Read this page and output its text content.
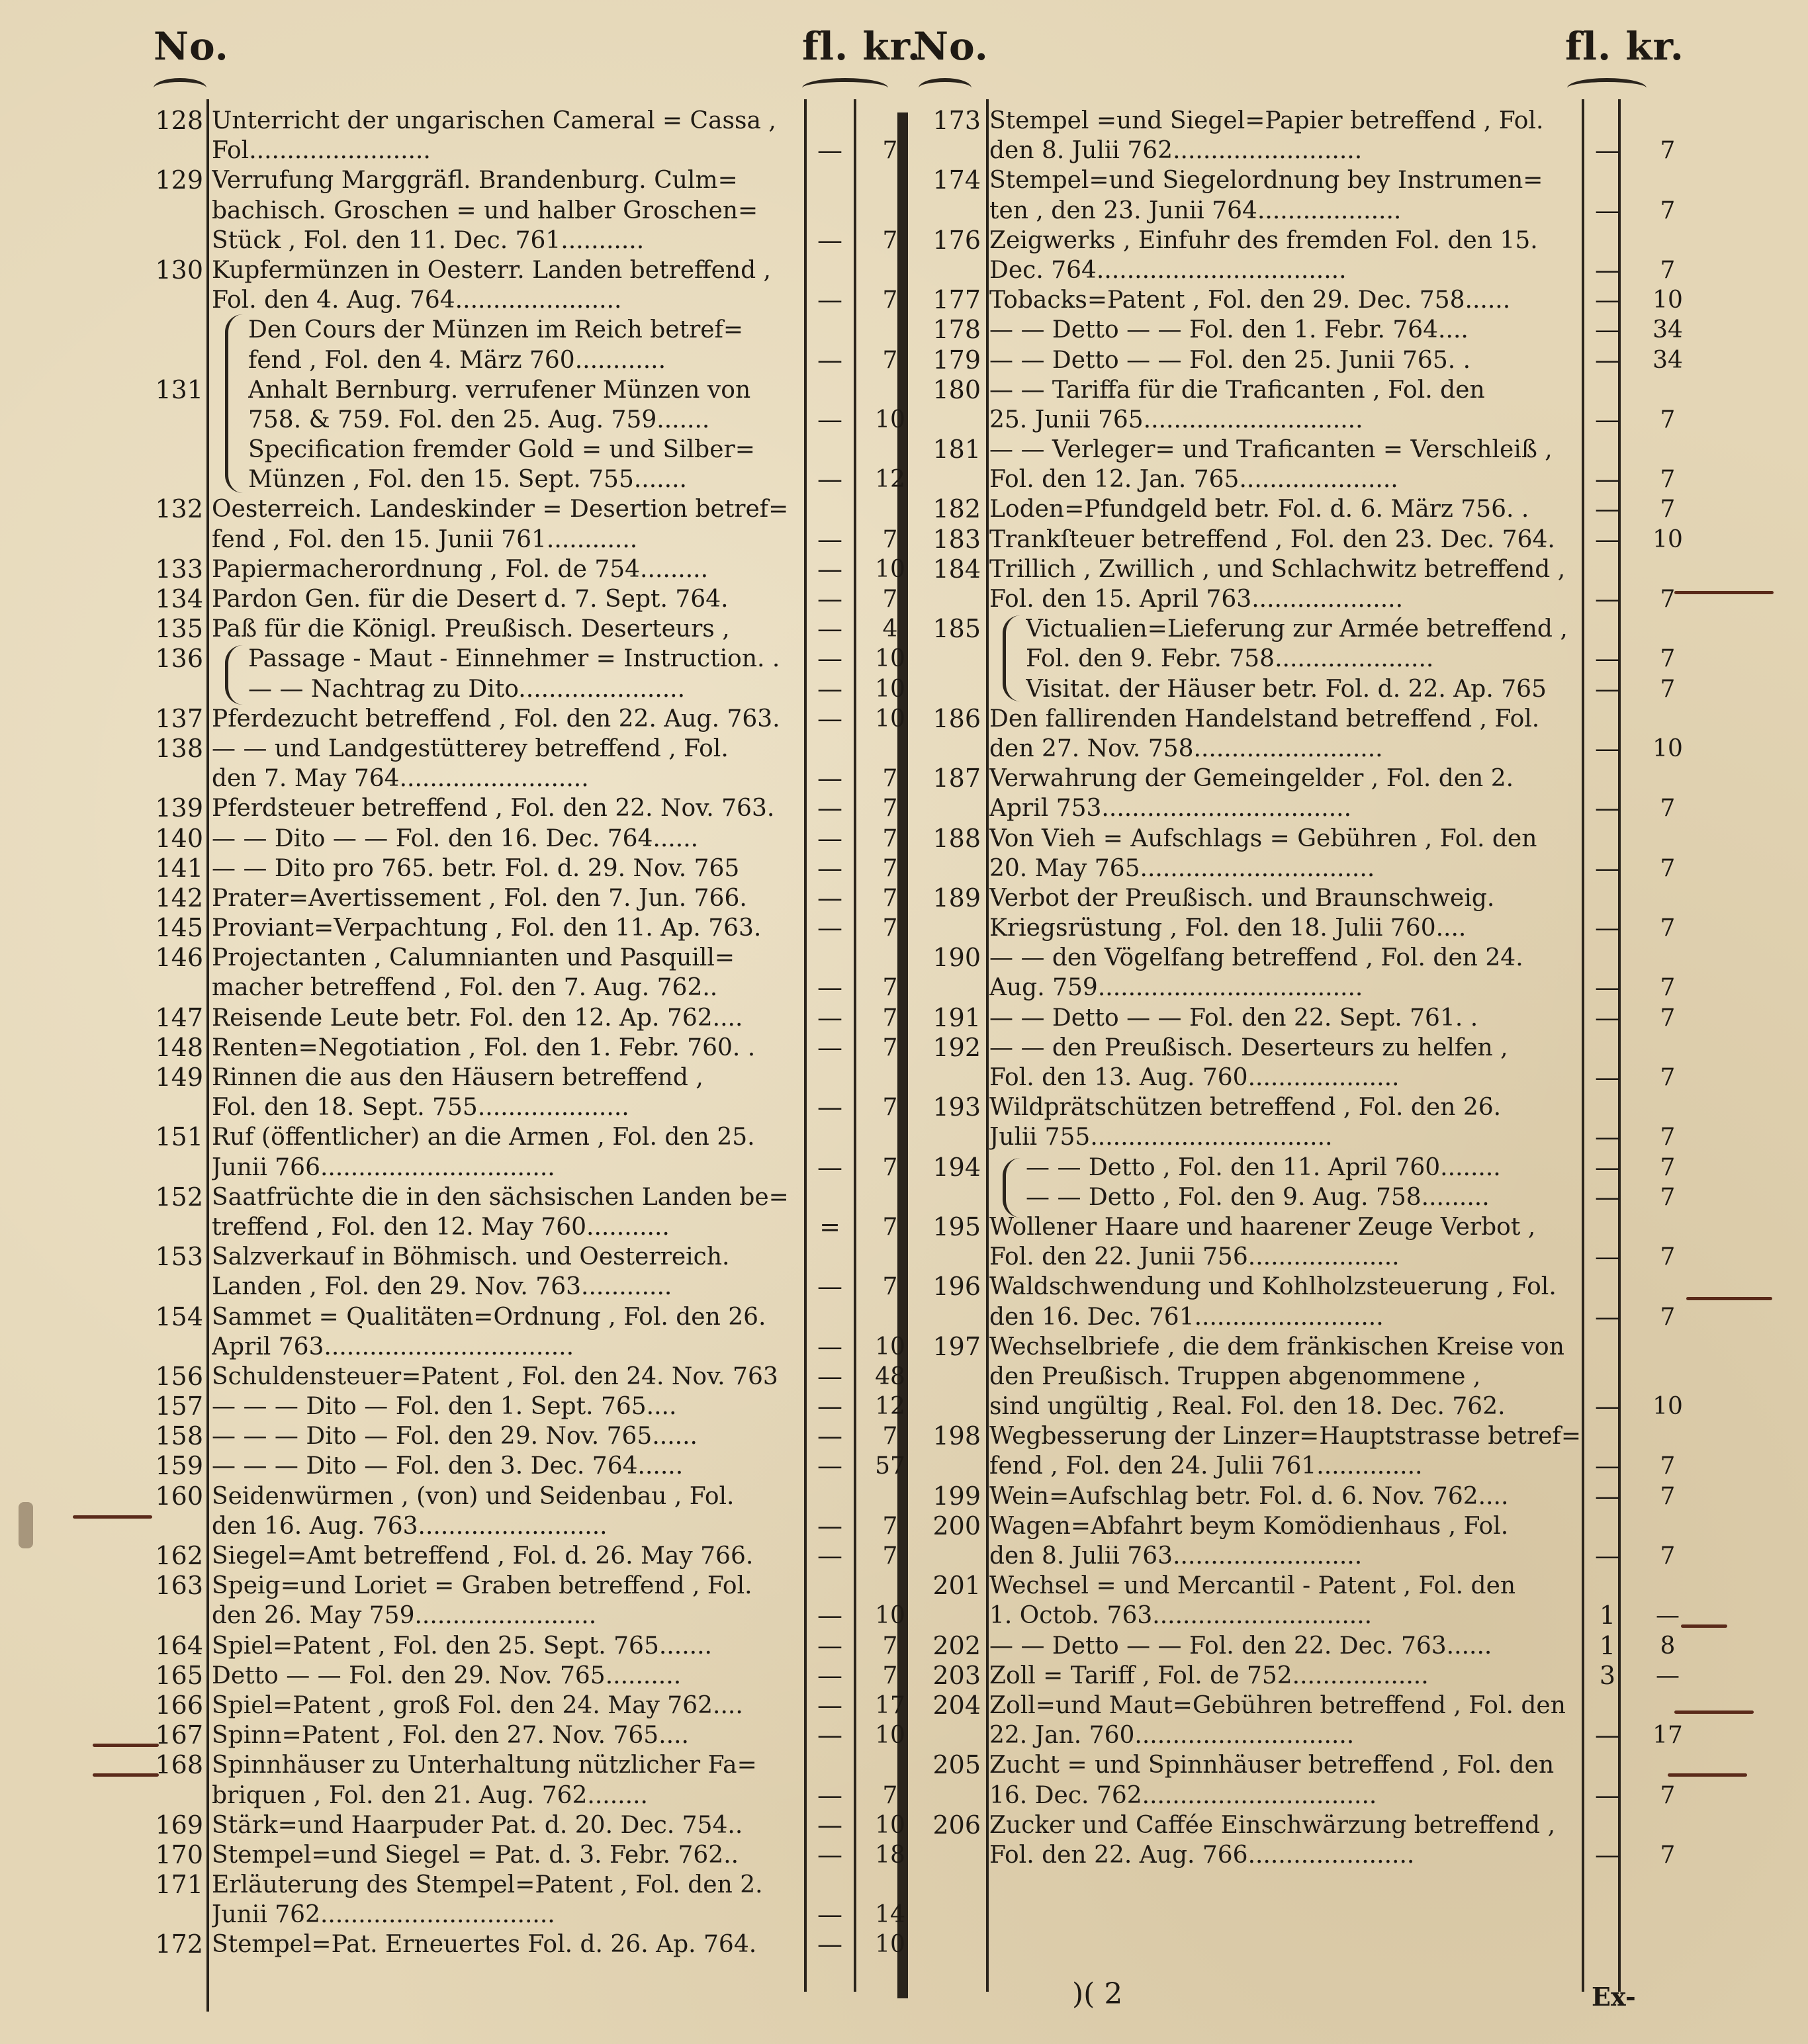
No.	fl. kr.
No.	fl. kr.
128 Unterricht der ungarischen Cameral = Cassa ,
Fol........................	—	7
129 Verrufung Marggräfl. Brandenburg. Culm=
bachisch. Groschen = und halber Groschen=
Stück , Fol. den 11. Dec. 761...........	—	7
130 Kupfermünzen in Oesterr. Landen betreffend ,
Fol. den 4. Aug. 764......................	—	7
Den Cours der Münzen im Reich betref=
fend , Fol. den 4. März 760............	—	7
131 Anhalt Bernburg. verrufener Münzen von
758. & 759. Fol. den 25. Aug. 759.......	—	10
Specification fremder Gold = und Silber=
Münzen , Fol. den 15. Sept. 755.......	—	12
132 Oesterreich. Landeskinder = Desertion betref=
fend , Fol. den 15. Junii 761............	—	7
133 Papiermacherordnung , Fol. de 754.........	—	10
134 Pardon Gen. für die Desert d. 7. Sept. 764.	—	7
135 Paß für die Königl. Preußisch. Deserteurs ,	—	4
136 Passage - Maut - Einnehmer = Instruction. .	—	10
— — Nachtrag zu Dito......................	—	10
137 Pferdezucht betreffend , Fol. den 22. Aug. 763.	—	10
138 — — und Landgestütterey betreffend , Fol.
den 7. May 764.........................	—	7
139 Pferdsteuer betreffend , Fol. den 22. Nov. 763.	—	7
140 — — Dito — — Fol. den 16. Dec. 764......	—	7
141 — — Dito pro 765. betr. Fol. d. 29. Nov. 765	—	7
142 Prater=Avertissement , Fol. den 7. Jun. 766.	—	7
145 Proviant=Verpachtung , Fol. den 11. Ap. 763.	—	7
146 Projectanten , Calumnianten und Pasquill=
macher betreffend , Fol. den 7. Aug. 762..	—	7
147 Reisende Leute betr. Fol. den 12. Ap. 762....	—	7
148 Renten=Negotiation , Fol. den 1. Febr. 760. .	—	7
149 Rinnen die aus den Häusern betreffend ,
Fol. den 18. Sept. 755....................	—	7
151 Ruf (öffentlicher) an die Armen , Fol. den 25.
Junii 766...............................	—	7
152 Saatfrüchte die in den sächsischen Landen be=
treffend , Fol. den 12. May 760...........	=	7
153 Salzverkauf in Böhmisch. und Oesterreich.
Landen , Fol. den 29. Nov. 763............	—	7
154 Sammet = Qualitäten=Ordnung , Fol. den 26.
April 763.................................	—	10
156 Schuldensteuer=Patent , Fol. den 24. Nov. 763	—	48
157 — — — Dito — Fol. den 1. Sept. 765....	—	12
158 — — — Dito — Fol. den 29. Nov. 765......	—	7
159 — — — Dito — Fol. den 3. Dec. 764......	—	57
160 Seidenwürmen , (von) und Seidenbau , Fol.
den 16. Aug. 763.........................	—	7
162 Siegel=Amt betreffend , Fol. d. 26. May 766.	—	7
163 Speig=und Loriet = Graben betreffend , Fol.
den 26. May 759........................	—	10
164 Spiel=Patent , Fol. den 25. Sept. 765.......	—	7
165 Detto — — Fol. den 29. Nov. 765..........	—	7
166 Spiel=Patent , groß Fol. den 24. May 762....	—	17
167 Spinn=Patent , Fol. den 27. Nov. 765....	—	10
168 Spinnhäuser zu Unterhaltung nützlicher Fa=
briquen , Fol. den 21. Aug. 762........	—	7
169 Stärk=und Haarpuder Pat. d. 20. Dec. 754..	—	10
170 Stempel=und Siegel = Pat. d. 3. Febr. 762..	—	18
171 Erläuterung des Stempel=Patent , Fol. den 2.
Junii 762...............................	—	14
172 Stempel=Pat. Erneuertes Fol. d. 26. Ap. 764.	—	10
173 Stempel =und Siegel=Papier betreffend , Fol.
den 8. Julii 762.........................	—	7
174 Stempel=und Siegelordnung bey Instrumen=
ten , den 23. Junii 764...................	—	7
176 Zeigwerks , Einfuhr des fremden Fol. den 15.
Dec. 764.................................	—	7
177 Tobacks=Patent , Fol. den 29. Dec. 758......	—	10
178 — — Detto — — Fol. den 1. Febr. 764....	—	34
179 — — Detto — — Fol. den 25. Junii 765. .	—	34
180 — — Tariffa für die Traficanten , Fol. den
25. Junii 765.............................	—	7
181 — — Verleger= und Traficanten = Verschleiß ,
Fol. den 12. Jan. 765.....................	—	7
182 Loden=Pfundgeld betr. Fol. d. 6. März 756. .	—	7
183 Trankſteuer betreffend , Fol. den 23. Dec. 764.	—	10
184 Trillich , Zwillich , und Schlachwitz betreffend ,
Fol. den 15. April 763....................	—	7
185 Victualien=Lieferung zur Armée betreffend ,
Fol. den 9. Febr. 758.....................	—	7
Visitat. der Häuser betr. Fol. d. 22. Ap. 765	—	7
186 Den fallirenden Handelstand betreffend , Fol.
den 27. Nov. 758.........................	—	10
187 Verwahrung der Gemeingelder , Fol. den 2.
April 753.................................	—	7
188 Von Vieh = Aufschlags = Gebühren , Fol. den
20. May 765...............................	—	7
189 Verbot der Preußisch. und Braunschweig.
Kriegsrüstung , Fol. den 18. Julii 760....	—	7
190 — — den Vögelfang betreffend , Fol. den 24.
Aug. 759...................................	—	7
191 — — Detto — — Fol. den 22. Sept. 761. .	—	7
192 — — den Preußisch. Deserteurs zu helfen ,
Fol. den 13. Aug. 760....................	—	7
193 Wildprätschützen betreffend , Fol. den 26.
Julii 755................................	—	7
194 — — Detto , Fol. den 11. April 760........	—	7
— — Detto , Fol. den 9. Aug. 758.........	—	7
195 Wollener Haare und haarener Zeuge Verbot ,
Fol. den 22. Junii 756....................	—	7
196 Waldschwendung und Kohlholzsteuerung , Fol.
den 16. Dec. 761.........................	—	7
197 Wechselbriefe , die dem fränkischen Kreise von
den Preußisch. Truppen abgenommene ,
sind ungültig , Real. Fol. den 18. Dec. 762.	—	10
198 Wegbesserung der Linzer=Hauptstrasse betref=
fend , Fol. den 24. Julii 761..............	—	7
199 Wein=Aufschlag betr. Fol. d. 6. Nov. 762....	—	7
200 Wagen=Abfahrt beym Komödienhaus , Fol.
den 8. Julii 763.........................	—	7
201 Wechsel = und Mercantil - Patent , Fol. den
1. Octob. 763.............................	1	—
202 — — Detto — — Fol. den 22. Dec. 763......	1	8
203 Zoll = Tariff , Fol. de 752..................	3	—
204 Zoll=und Maut=Gebühren betreffend , Fol. den
22. Jan. 760.............................	—	17
205 Zucht = und Spinnhäuser betreffend , Fol. den
16. Dec. 762...............................	—	7
206 Zucker und Caffée Einschwärzung betreffend ,
Fol. den 22. Aug. 766......................	—	7
)( 2	Ex-
